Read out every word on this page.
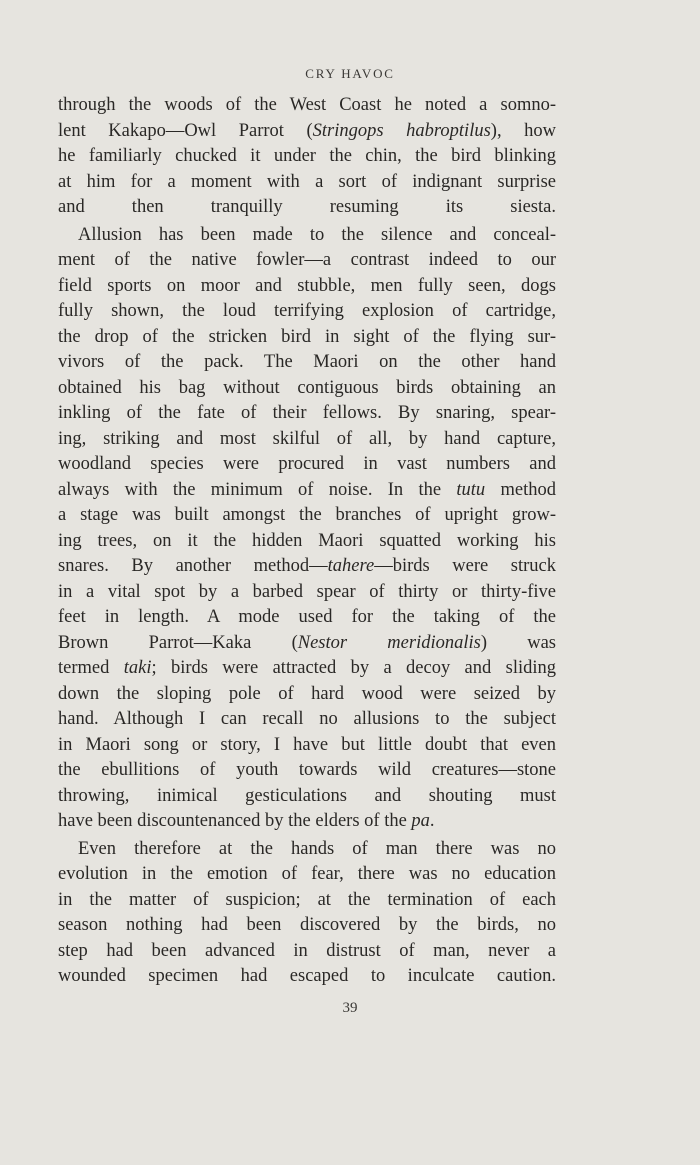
CRY HAVOC
through the woods of the West Coast he noted a somno-
lent Kakapo—Owl Parrot (Stringops habroptilus), how
he familiarly chucked it under the chin, the bird blinking
at him for a moment with a sort of indignant surprise
and then tranquilly resuming its siesta.
Allusion has been made to the silence and conceal-
ment of the native fowler—a contrast indeed to our
field sports on moor and stubble, men fully seen, dogs
fully shown, the loud terrifying explosion of cartridge,
the drop of the stricken bird in sight of the flying sur-
vivors of the pack. The Maori on the other hand
obtained his bag without contiguous birds obtaining an
inkling of the fate of their fellows. By snaring, spear-
ing, striking and most skilful of all, by hand capture,
woodland species were procured in vast numbers and
always with the minimum of noise. In the tutu method
a stage was built amongst the branches of upright grow-
ing trees, on it the hidden Maori squatted working his
snares. By another method—tahere—birds were struck
in a vital spot by a barbed spear of thirty or thirty-five
feet in length. A mode used for the taking of the
Brown Parrot—Kaka (Nestor meridionalis) was
termed taki; birds were attracted by a decoy and sliding
down the sloping pole of hard wood were seized by
hand. Although I can recall no allusions to the subject
in Maori song or story, I have but little doubt that even
the ebullitions of youth towards wild creatures—stone
throwing, inimical gesticulations and shouting must
have been discountenanced by the elders of the pa.
Even therefore at the hands of man there was no
evolution in the emotion of fear, there was no education
in the matter of suspicion; at the termination of each
season nothing had been discovered by the birds, no
step had been advanced in distrust of man, never a
wounded specimen had escaped to inculcate caution.
39
